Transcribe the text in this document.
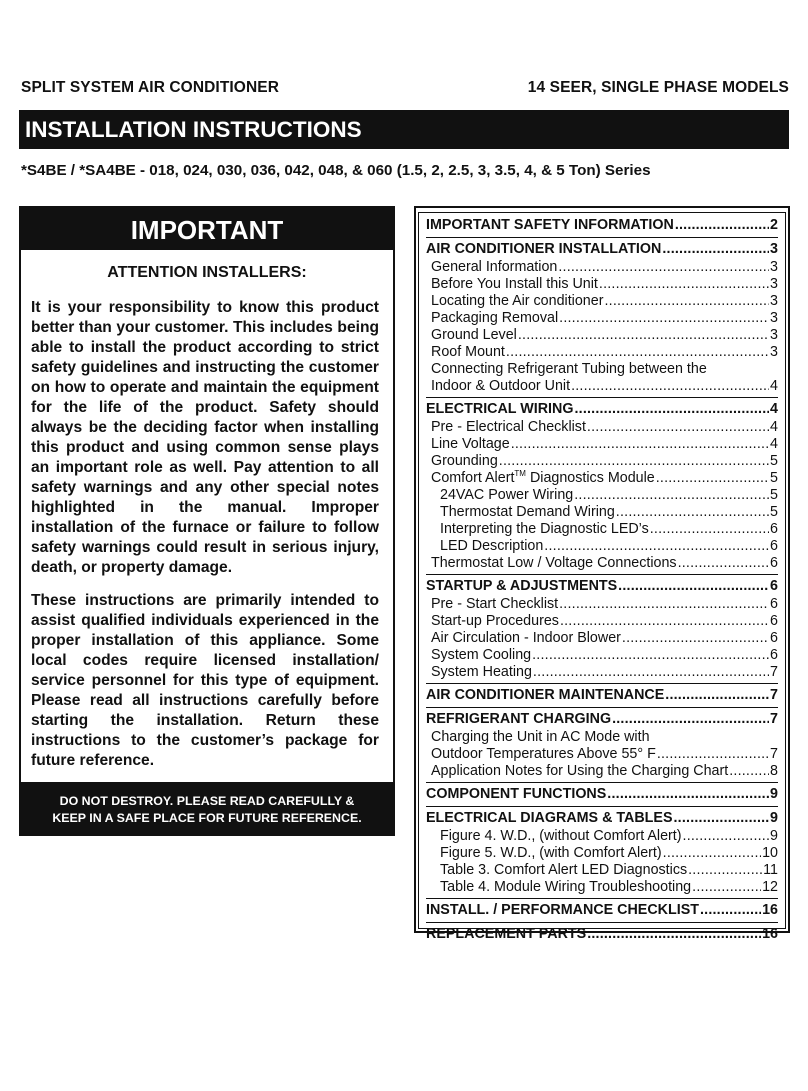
SPLIT SYSTEM AIR CONDITIONER	14 SEER, SINGLE PHASE MODELS
INSTALLATION INSTRUCTIONS
*S4BE / *SA4BE - 018, 024, 030, 036, 042, 048, & 060 (1.5, 2, 2.5, 3, 3.5, 4, & 5 Ton) Series
IMPORTANT
ATTENTION INSTALLERS:
It is your responsibility to know this product better than your customer. This includes being able to install the product according to strict safety guidelines and instructing the customer on how to operate and maintain the equipment for the life of the product. Safety should always be the deciding factor when installing this product and using common sense plays an important role as well. Pay attention to all safety warnings and any other special notes highlighted in the manual. Improper installation of the furnace or failure to follow safety warnings could result in serious injury, death, or property damage.
These instructions are primarily intended to assist qualified individuals experienced in the proper installation of this appliance. Some local codes require licensed installation/ service personnel for this type of equipment. Please read all instructions carefully before starting the installation. Return these instructions to the customer’s package for future reference.
DO NOT DESTROY. PLEASE READ CAREFULLY &
KEEP IN A SAFE PLACE FOR FUTURE REFERENCE.
IMPORTANT SAFETY INFORMATION .....	2
AIR CONDITIONER INSTALLATION .....	3
General Information .....	3
Before You Install this Unit .....	3
Locating the Air conditioner .....	3
Packaging Removal .....	3
Ground Level .....	3
Roof Mount .....	3
Connecting Refrigerant Tubing between the
Indoor & Outdoor Unit .....	4
ELECTRICAL WIRING .....	4
Pre - Electrical Checklist .....	4
Line Voltage .....	4
Grounding .....	5
Comfort Alert™ Diagnostics Module .....	5
24VAC Power Wiring .....	5
Thermostat Demand Wiring .....	5
Interpreting the Diagnostic LED’s .....	6
LED Description .....	6
Thermostat Low / Voltage Connections .....	6
STARTUP & ADJUSTMENTS .....	6
Pre - Start Checklist .....	6
Start-up Procedures .....	6
Air Circulation - Indoor Blower .....	6
System Cooling .....	6
System Heating .....	7
AIR CONDITIONER MAINTENANCE .....	7
REFRIGERANT CHARGING .....	7
Charging the Unit in AC Mode with
Outdoor Temperatures Above 55° F .....	7
Application Notes for Using the Charging Chart .....	8
COMPONENT FUNCTIONS .....	9
ELECTRICAL DIAGRAMS & TABLES .....	9
Figure 4. W.D., (without Comfort Alert) .....	9
Figure 5. W.D., (with Comfort Alert) .....	10
Table 3. Comfort Alert LED Diagnostics .....	11
Table 4. Module Wiring Troubleshooting .....	12
INSTALL. / PERFORMANCE CHECKLIST .....	16
REPLACEMENT PARTS .....	16
